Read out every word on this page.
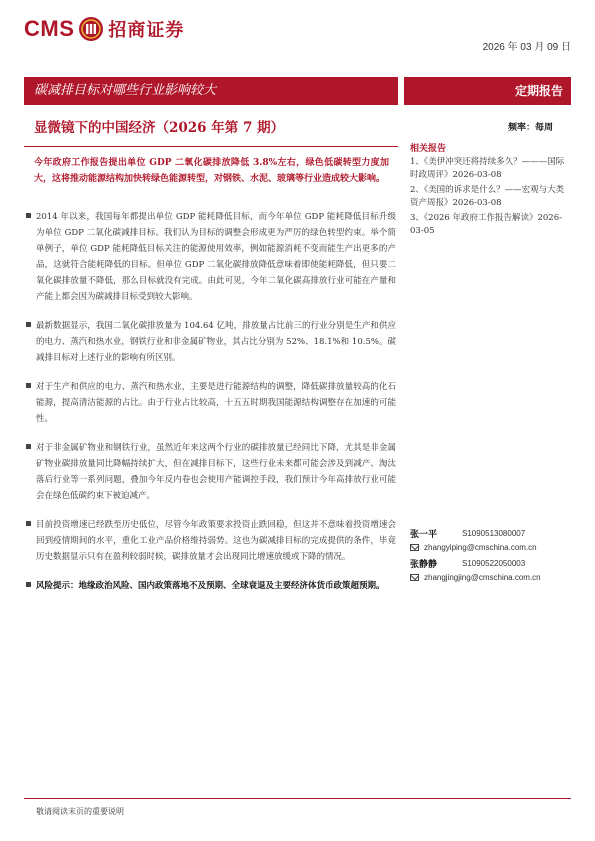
CMS 招商证券
2026 年 03 月 09 日
碳减排目标对哪些行业影响较大	定期报告
显微镜下的中国经济（2026 年第 7 期）	频率：每周
今年政府工作报告提出单位 GDP 二氧化碳排放降低 3.8%左右，绿色低碳转型力度加大，这将推动能源结构加快转绿色能源转型，对钢铁、水泥、玻璃等行业造成较大影响。
2014 年以来，我国每年都提出单位 GDP 能耗降低目标，而今年单位 GDP 能耗降低目标升级为单位 GDP 二氧化碳减排目标。我们认为目标的调整会形成更为严厉的绿色转型约束。举个简单例子，单位 GDP 能耗降低目标关注的能源使用效率，例如能源消耗不变而能生产出更多的产品，这就符合能耗降低的目标。但单位 GDP 二氧化碳排放降低意味着即使能耗降低，但只要二氧化碳排放量不降低，那么目标就没有完成。由此可见，今年二氧化碳高排放行业可能在产量和产能上都会因为碳减排目标受到较大影响。
最新数据显示，我国二氧化碳排放量为 104.64 亿吨，排放量占比前三的行业分别是生产和供应的电力、蒸汽和热水业，钢铁行业和非金属矿物业，其占比分别为 52%、18.1%和 10.5%。碳减排目标对上述行业的影响有所区别。
对于生产和供应的电力、蒸汽和热水业，主要是进行能源结构的调整，降低碳排放量较高的化石能源，提高清洁能源的占比。由于行业占比较高，十五五时期我国能源结构调整存在加速的可能性。
对于非金属矿物业和钢铁行业，虽然近年来这两个行业的碳排放量已经同比下降，尤其是非金属矿物业碳排放量同比降幅持续扩大，但在减排目标下，这些行业未来都可能会涉及到减产、淘汰落后行业等一系列问题，叠加今年反内卷也会使用产能调控手段，我们预计今年高排放行业可能会在绿色低碳约束下被迫减产。
目前投资增速已经跌至历史低位，尽管今年政策要求投资止跌回稳，但这并不意味着投资增速会回到疫情期间的水平，重化工业产品价格维持弱势。这也为碳减排目标的完成提供的条件，毕竟历史数据显示只有在盈利较弱时候，碳排放量才会出现同比增速放缓或下降的情况。
风险提示：地缘政治风险、国内政策落地不及预期、全球衰退及主要经济体货币政策超预期。
相关报告
1、《美伊冲突还将持续多久？———国际时政周评》2026-03-08
2、《美国的诉求是什么？——宏观与大类资产周报》2026-03-08
3、《2026 年政府工作报告解读》2026-03-05
张一平	S1090513080007
zhangyiping@cmschina.com.cn
张静静	S1090522050003
zhangjingjing@cmschina.com.cn
敬请阅读末页的重要说明
